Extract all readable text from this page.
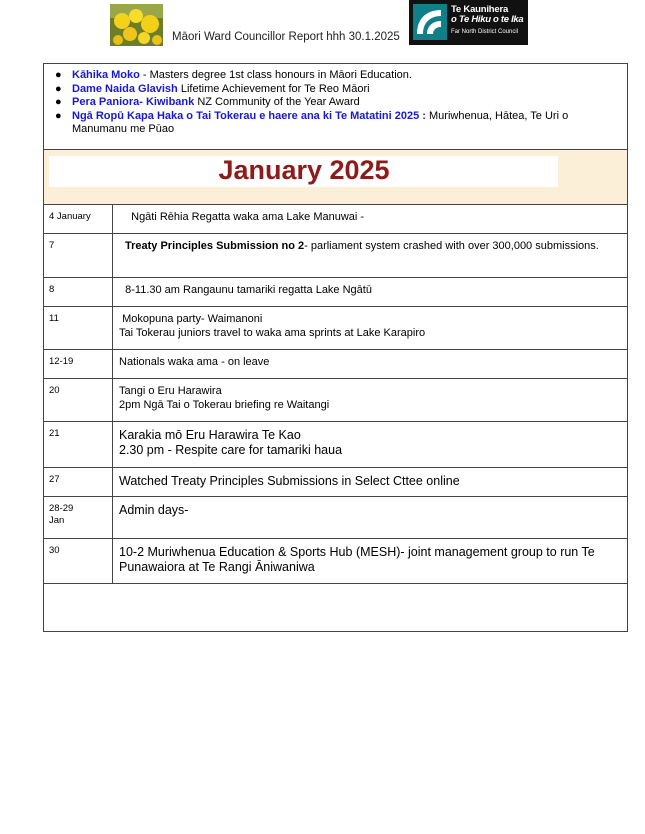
Māori Ward Councillor Report hhh 30.1.2025
Te Kaunihera
o Te Hiku o te Ika
Far North District Council
● Kāhika Moko - Masters degree 1st class honours in Māori Education.
● Dame Naida Glavish Lifetime Achievement for Te Reo Māori
● Pera Paniora- Kiwibank NZ Community of the Year Award
● Ngā Ropū Kapa Haka o Tai Tokerau e haere ana ki Te Matatini 2025 : Muriwhenua, Hātea, Te Uri o Manumanu me Pūao
January 2025
4 January	Ngāti Rēhia Regatta waka ama Lake Manuwai -
7	Treaty Principles Submission no 2- parliament system crashed with over 300,000 submissions.
8	8-11.30 am Rangaunu tamariki regatta Lake Ngātū
11	Mokopuna party- Waimanoni
Tai Tokerau juniors travel to waka ama sprints at Lake Karapiro

12-19	Nationals waka ama - on leave
20	Tangi o Eru Harawira
2pm Ngā Tai o Tokerau briefing re Waitangi

21	Karakia mō Eru Harawira Te Kao
2.30 pm - Respite care for tamariki haua

27	Watched Treaty Principles Submissions in Select Cttee online
28-29
Jan	Admin days-
30	10-2 Muriwhenua Education & Sports Hub (MESH)- joint management group to run Te Punawaiora at Te Rangi Āniwaniwa
